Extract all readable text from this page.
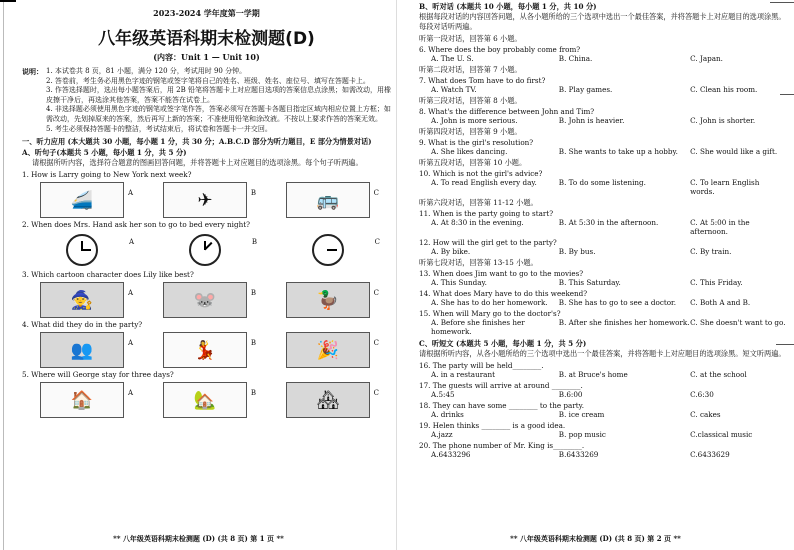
2023-2024 学年度第一学期
八年级英语科期末检测题(D)
(内容：Unit 1 — Unit 10)
说明： 1. 本试卷共 8 页，81 小题，满分 120 分，考试用时 90 分钟。
2. 答卷前，考生务必用黑色字迹的钢笔或签字笔将自己的姓名、班级、姓名、座位号、填写在答题卡上。
3. 作答选择题时，选出每小题答案后，用 2B 铅笔将答题卡上对应题目选项的答案信息点涂黑；如需改动，用橡皮擦干净后，再选涂其他答案，答案不能答在试卷上。
4. 非选择题必须使用黑色字迹的钢笔或签字笔作答，答案必须写在答题卡各题目指定区域内相应位置上方框；如需改动，先划掉原来的答案，然后再写上新的答案；不准使用铅笔和涂改液。不按以上要求作答的答案无效。
5. 考生必须保持答题卡的整洁，考试结束后，将试卷和答题卡一并交回。
一、听力应用 (本大题共 30 小题，每小题 1 分，共 30 分；A.B.C.D 部分为听力题目，E 部分为情景对话)
A、听句子(本题共 5 小题，每小题 1 分，共 5 分)
请根据所听内容，选择符合题意的图画回答问题，并将答题卡上对应题目的选项涂黑。每个句子听两遍。
1. How is Larry going to New York next week?
🚄	A	✈	B	🚌	C
2. When does Mrs. Hand ask her son to go to bed every night?
A	B	C
3. Which cartoon character does Lily like best?
🧙	A	🐭	B	🦆	C
4. What did they do in the party?
👥	A	💃	B	🎉	C
5. Where will George stay for three days?
🏠	A	🏡	B	🏘	C
** 八年级英语科期末检测题 (D) (共 8 页) 第 1 页 **
B、听对话 (本题共 10 小题，每小题 1 分，共 10 分)
根据每段对话的内容回答问题，从各小题所给的三个选项中选出一个最佳答案，并将答题卡上对应题目的选项涂黑。每段对话听两遍。
听第一段对话，回答第 6 小题。
6. Where does the boy probably come from?
A. The U. S.	B. China.	C. Japan.
听第二段对话，回答第 7 小题。
7. What does Tom have to do first?
A. Watch TV.	B. Play games.	C. Clean his room.
听第三段对话，回答第 8 小题。
8. What's the difference between John and Tim?
A. John is more serious.	B. John is heavier.	C. John is shorter.
听第四段对话，回答第 9 小题。
9. What is the girl's resolution?
A. She likes dancing.	B. She wants to take up a hobby.	C. She would like a gift.
听第五段对话，回答第 10 小题。
10. Which is not the girl's advice?
A. To read English every day.	B. To do some listening.	C. To learn English words.
听第六段对话，回答第 11-12 小题。
11. When is the party going to start?
A. At 8:30 in the evening.	B. At 5:30 in the afternoon.	C. At 5:00 in the afternoon.
12. How will the girl get to the party?
A. By bike.	B. By bus.	C. By train.
听第七段对话，回答第 13-15 小题。
13. When does Jim want to go to the movies?
A. This Sunday.	B. This Saturday.	C. This Friday.
14. What does Mary have to do this weekend?
A. She has to do her homework.	B. She has to go to see a doctor.	C. Both A and B.
15. When will Mary go to the doctor's?
A. Before she finishes her homework.
B. After she finishes her homework. C. She doesn't want to go.
C、听短文 (本题共 5 小题，每小题 1 分，共 5 分)
请根据所听内容，从各小题所给的三个选项中选出一个最佳答案，并将答题卡上对应题目的选项涂黑。短文听两遍。
16. The party will be held________.
A. in a restaurant	B. at Bruce's home	C. at the school
17. The guests will arrive at around ________.
A.5:45	B.6:00	C.6:30
18. They can have some ________ to the party.
A. drinks	B. ice cream	C. cakes
19. Helen thinks ________ is a good idea.
A.jazz	B. pop music	C.classical music
20. The phone number of Mr. King is________.
A.6433296	B.6433269	C.6433629
** 八年级英语科期末检测题 (D) (共 8 页) 第 2 页 **
